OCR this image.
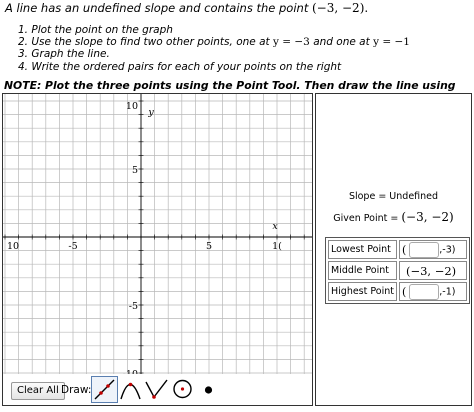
A line has an undefined slope and contains the point (−3, −2).
1. Plot the point on the graph
2. Use the slope to find two other points, one at y = −3 and one at y = −1
3. Graph the line.
4. Write the ordered pairs for each of your points on the right
NOTE: Plot the three points using the Point Tool. Then draw the line using
10	-5	5	1(
10
5
-5
x
y
Clear All Draw:
Slope = Undefined
Given Point = (−3, −2)
Lowest Point	( ,-3)
Middle Point	(−3, −2)
Highest Point	( ,-1)
